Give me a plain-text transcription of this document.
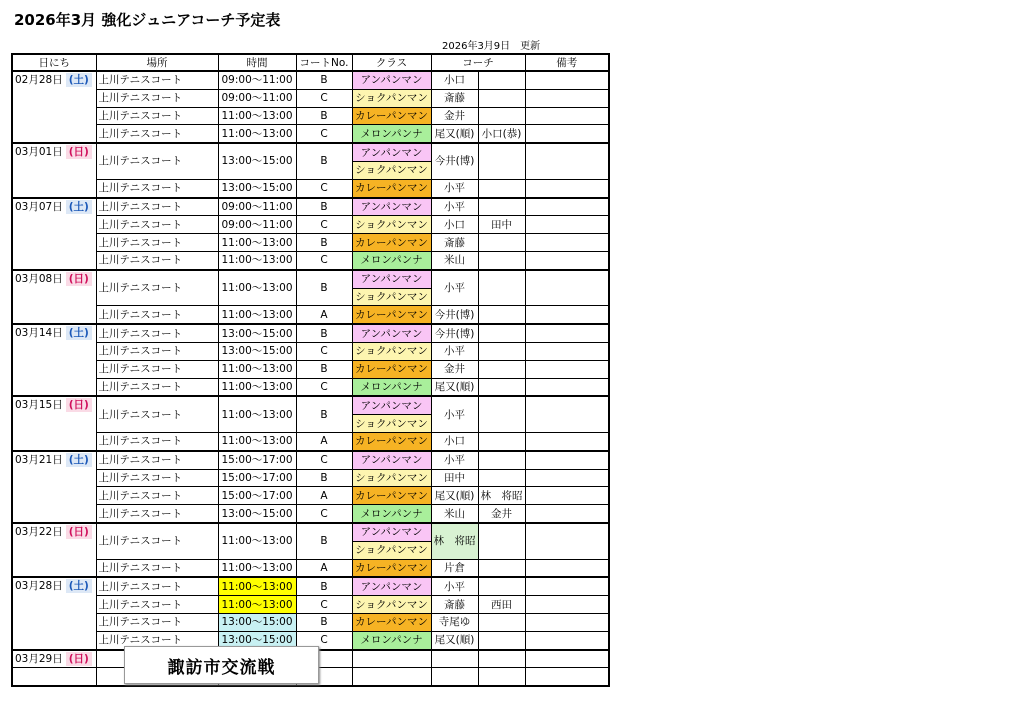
2026年3月 強化ジュニアコーチ予定表
2026年3月9日　更新
日にち	場所	時間	コートNo.	クラス	コーチ		備考
02月28日 (土)	上川テニスコート	09:00～11:00	B	アンパンマン	小口		
	上川テニスコート	09:00～11:00	C	ショクパンマン	斎藤		
	上川テニスコート	11:00～13:00	B	カレーパンマン	金井		
	上川テニスコート	11:00～13:00	C	メロンパンナ	尾又(順)	小口(恭)	
03月01日 (日)	上川テニスコート	13:00～15:00	B	アンパンマン	今井(博)		
				ショクパンマン			
	上川テニスコート	13:00～15:00	C	カレーパンマン	小平		
03月07日 (土)	上川テニスコート	09:00～11:00	B	アンパンマン	小平		
	上川テニスコート	09:00～11:00	C	ショクパンマン	小口	田中	
	上川テニスコート	11:00～13:00	B	カレーパンマン	斎藤		
	上川テニスコート	11:00～13:00	C	メロンパンナ	米山		
03月08日 (日)	上川テニスコート	11:00～13:00	B	アンパンマン	小平		
				ショクパンマン			
	上川テニスコート	11:00～13:00	A	カレーパンマン	今井(博)		
03月14日 (土)	上川テニスコート	13:00～15:00	B	アンパンマン	今井(博)		
	上川テニスコート	13:00～15:00	C	ショクパンマン	小平		
	上川テニスコート	11:00～13:00	B	カレーパンマン	金井		
	上川テニスコート	11:00～13:00	C	メロンパンナ	尾又(順)		
03月15日 (日)	上川テニスコート	11:00～13:00	B	アンパンマン	小平		
				ショクパンマン			
	上川テニスコート	11:00～13:00	A	カレーパンマン	小口		
03月21日 (土)	上川テニスコート	15:00～17:00	C	アンパンマン	小平		
	上川テニスコート	15:00～17:00	B	ショクパンマン	田中		
	上川テニスコート	15:00～17:00	A	カレーパンマン	尾又(順)	林　将昭	
	上川テニスコート	13:00～15:00	C	メロンパンナ	米山	金井	
03月22日 (日)	上川テニスコート	11:00～13:00	B	アンパンマン	林　将昭		
				ショクパンマン			
	上川テニスコート	11:00～13:00	A	カレーパンマン	片倉		
03月28日 (土)	上川テニスコート	11:00～13:00	B	アンパンマン	小平		
	上川テニスコート	11:00～13:00	C	ショクパンマン	斎藤	西田	
	上川テニスコート	13:00～15:00	B	カレーパンマン	寺尾ゆ		
	上川テニスコート	13:00～15:00	C	メロンパンナ	尾又(順)		
03月29日 (日)							

								諏訪市交流戦
